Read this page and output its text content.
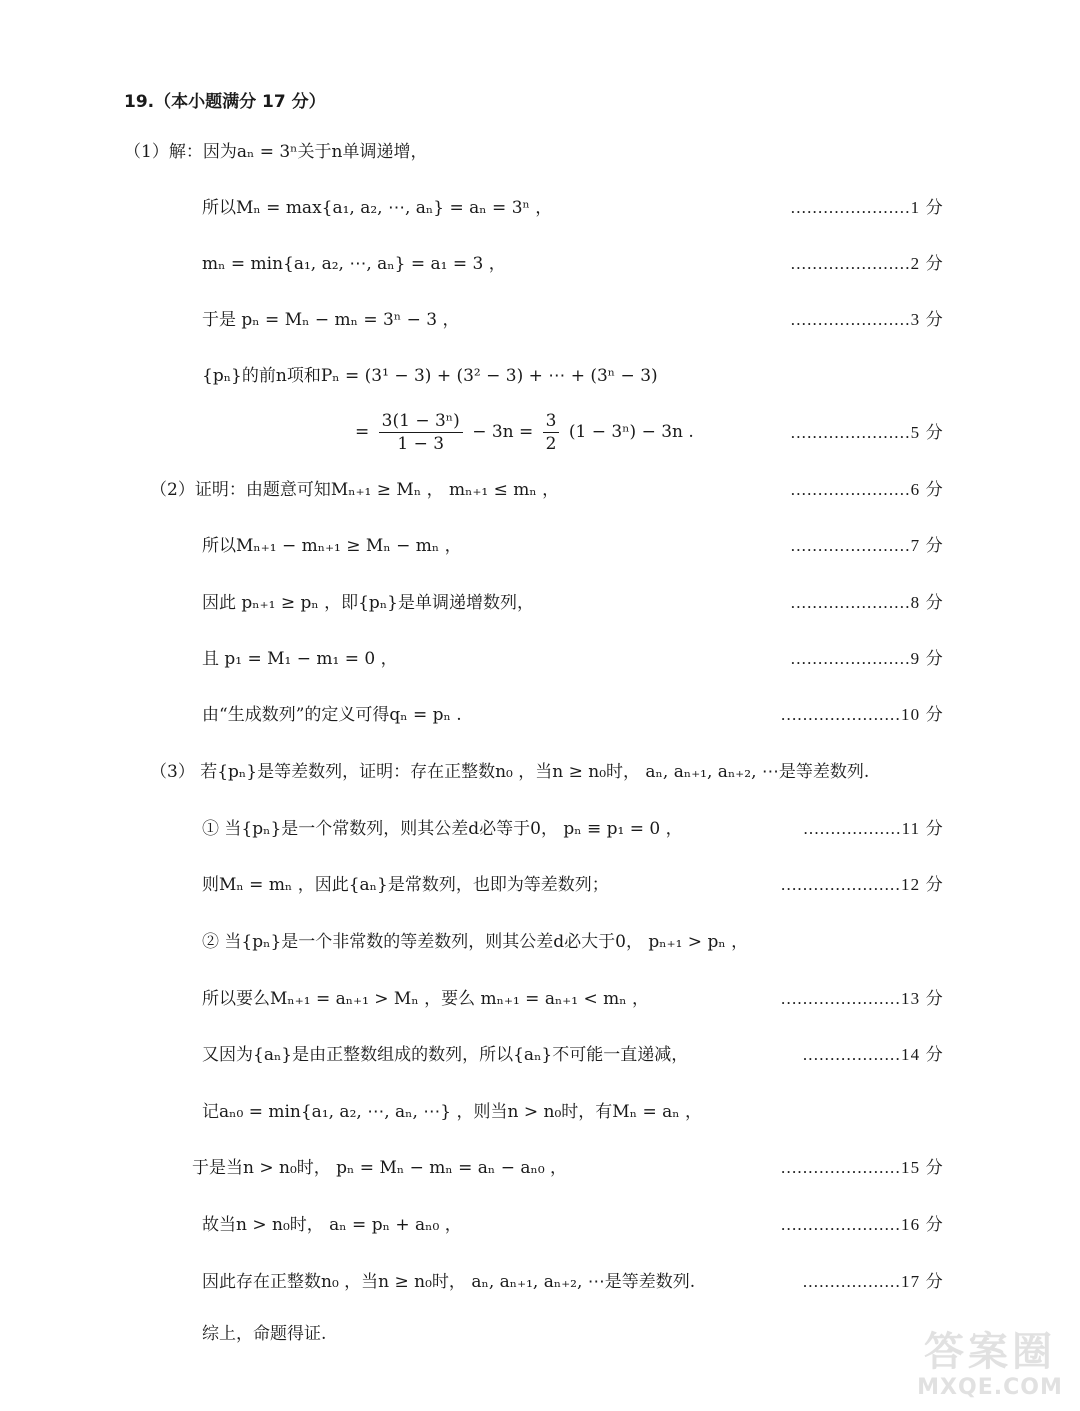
19.（本小题满分 17 分）
（1）解：因为aₙ = 3ⁿ关于n单调递增，
所以Mₙ = max{a₁, a₂, ⋯, aₙ} = aₙ = 3ⁿ ，	......................1 分
mₙ = min{a₁, a₂, ⋯, aₙ} = a₁ = 3 ，	......................2 分
于是 pₙ = Mₙ − mₙ = 3ⁿ − 3 ，	......................3 分
{pₙ}的前n项和Pₙ = (3¹ − 3) + (3² − 3) + ⋯ + (3ⁿ − 3)
= $\frac{\text{3(1 − 3ⁿ)}}{1 - 3} - 3n = \frac{3}{2} (1 - 3^n) - 3n$ .	......................5 分
（2）证明：由题意可知Mₙ₊₁ ≥ Mₙ ， mₙ₊₁ ≤ mₙ ，	......................6 分
所以Mₙ₊₁ − mₙ₊₁ ≥ Mₙ − mₙ ，	......................7 分
因此 pₙ₊₁ ≥ pₙ ，即{pₙ}是单调递增数列，	......................8 分
且 p₁ = M₁ − m₁ = 0 ，	......................9 分
由“生成数列”的定义可得qₙ = pₙ .	......................10 分
（3） 若{pₙ}是等差数列，证明：存在正整数n₀ ，当n ≥ n₀时， aₙ, aₙ₊₁, aₙ₊₂, ⋯是等差数列.
① 当{pₙ}是一个常数列，则其公差d必等于0， pₙ ≡ p₁ = 0 ，	..................11 分
则Mₙ = mₙ ，因此{aₙ}是常数列，也即为等差数列；	......................12 分
② 当{pₙ}是一个非常数的等差数列，则其公差d必大于0， pₙ₊₁ > pₙ ，
所以要么Mₙ₊₁ = aₙ₊₁ > Mₙ ，要么 mₙ₊₁ = aₙ₊₁ < mₙ ，	......................13 分
又因为{aₙ}是由正整数组成的数列，所以{aₙ}不可能一直递减，	..................14 分
记aₙ₀ = min{a₁, a₂, ⋯, aₙ, ⋯} ，则当n > n₀时，有Mₙ = aₙ ，
于是当n > n₀时， pₙ = Mₙ − mₙ = aₙ − aₙ₀ ，	......................15 分
故当n > n₀时， aₙ = pₙ + aₙ₀ ，	......................16 分
因此存在正整数n₀ ，当n ≥ n₀时， aₙ, aₙ₊₁, aₙ₊₂, ⋯是等差数列.	..................17 分
综上，命题得证.	答案圈
MXQE.COM
